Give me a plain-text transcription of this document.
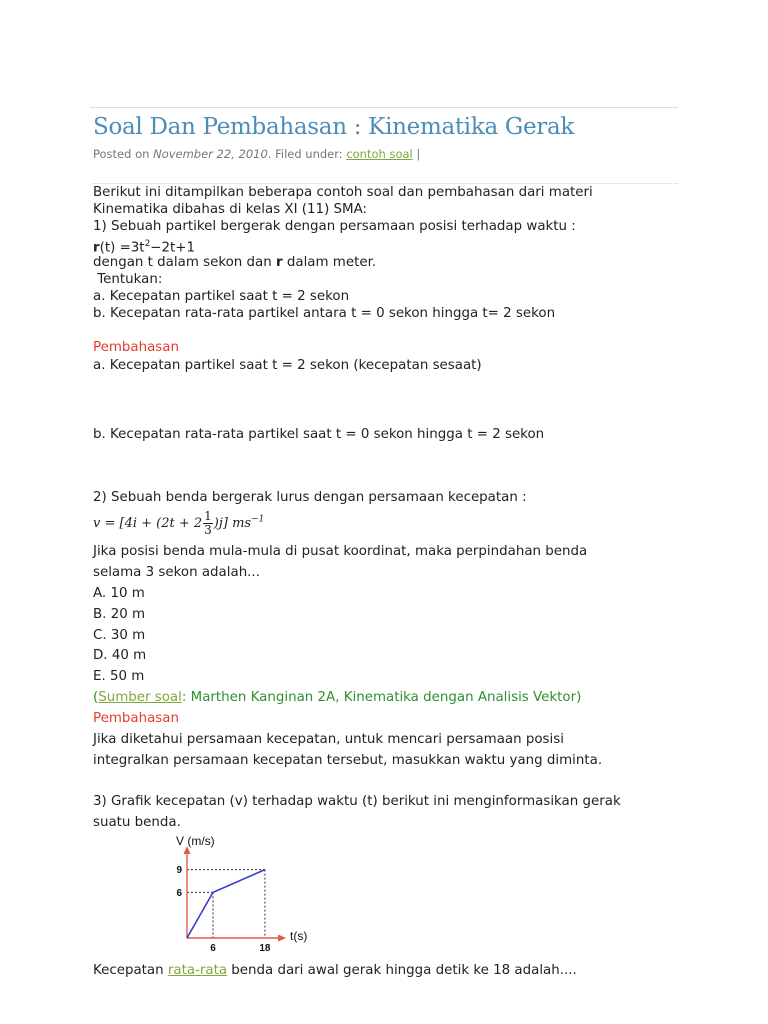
Soal Dan Pembahasan : Kinematika Gerak
Posted on November 22, 2010. Filed under: contoh soal |
Berikut ini ditampilkan beberapa contoh soal dan pembahasan dari materi
Kinematika dibahas di kelas XI (11) SMA:
1) Sebuah partikel bergerak dengan persamaan posisi terhadap waktu :
$r(t) =3t^2-2t+1$
dengan t dalam sekon dan r dalam meter.
Tentukan:
a. Kecepatan partikel saat t = 2 sekon
b. Kecepatan rata-rata partikel antara t = 0 sekon hingga t= 2 sekon
Pembahasan
a. Kecepatan partikel saat t = 2 sekon (kecepatan sesaat)
b. Kecepatan rata-rata partikel saat t = 0 sekon hingga t = 2 sekon
2) Sebuah benda bergerak lurus dengan persamaan kecepatan :
$v = [4i + (2t + 2 \frac{1}{3} )j]$ $ms^{-1}$
Jika posisi benda mula-mula di pusat koordinat, maka perpindahan benda
selama 3 sekon adalah...
A. 10 m
B. 20 m
C. 30 m
D. 40 m
E. 50 m
(Sumber soal: Marthen Kanginan 2A, Kinematika dengan Analisis Vektor)
Pembahasan
Jika diketahui persamaan kecepatan, untuk mencari persamaan posisi
integralkan persamaan kecepatan tersebut, masukkan waktu yang diminta.
3) Grafik kecepatan (v) terhadap waktu (t) berikut ini menginformasikan gerak
suatu benda.
V (m/s)
t(s)
6	18
9
6
Kecepatan rata-rata benda dari awal gerak hingga detik ke 18 adalah....
